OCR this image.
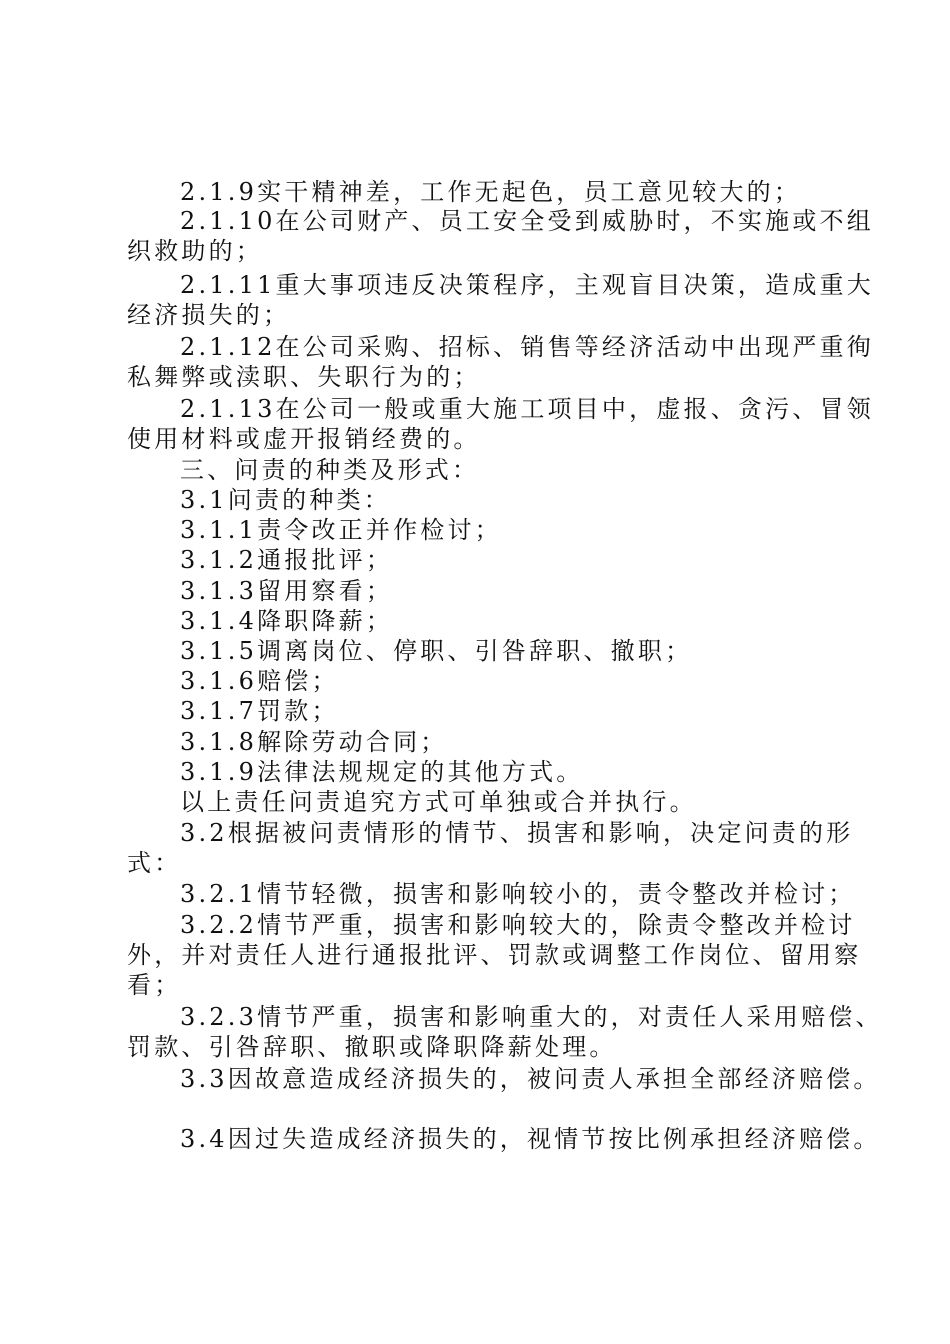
2.1.9实干精神差，工作无起色，员工意见较大的；

2.1.10在公司财产、员工安全受到威胁时，不实施或不组

织救助的；

2.1.11重大事项违反决策程序，主观盲目决策，造成重大

经济损失的；

2.1.12在公司采购、招标、销售等经济活动中出现严重徇

私舞弊或渎职、失职行为的；

2.1.13在公司一般或重大施工项目中，虚报、贪污、冒领

使用材料或虚开报销经费的。

三、问责的种类及形式：

3.1问责的种类：

3.1.1责令改正并作检讨；

3.1.2通报批评；

3.1.3留用察看；

3.1.4降职降薪；

3.1.5调离岗位、停职、引咎辞职、撤职；

3.1.6赔偿；

3.1.7罚款；

3.1.8解除劳动合同；

3.1.9法律法规规定的其他方式。

以上责任问责追究方式可单独或合并执行。

3.2根据被问责情形的情节、损害和影响，决定问责的形

式：

3.2.1情节轻微，损害和影响较小的，责令整改并检讨；

3.2.2情节严重，损害和影响较大的，除责令整改并检讨

外，并对责任人进行通报批评、罚款或调整工作岗位、留用察

看；

3.2.3情节严重，损害和影响重大的，对责任人采用赔偿、

罚款、引咎辞职、撤职或降职降薪处理。

3.3因故意造成经济损失的，被问责人承担全部经济赔偿。

3.4因过失造成经济损失的，视情节按比例承担经济赔偿。
